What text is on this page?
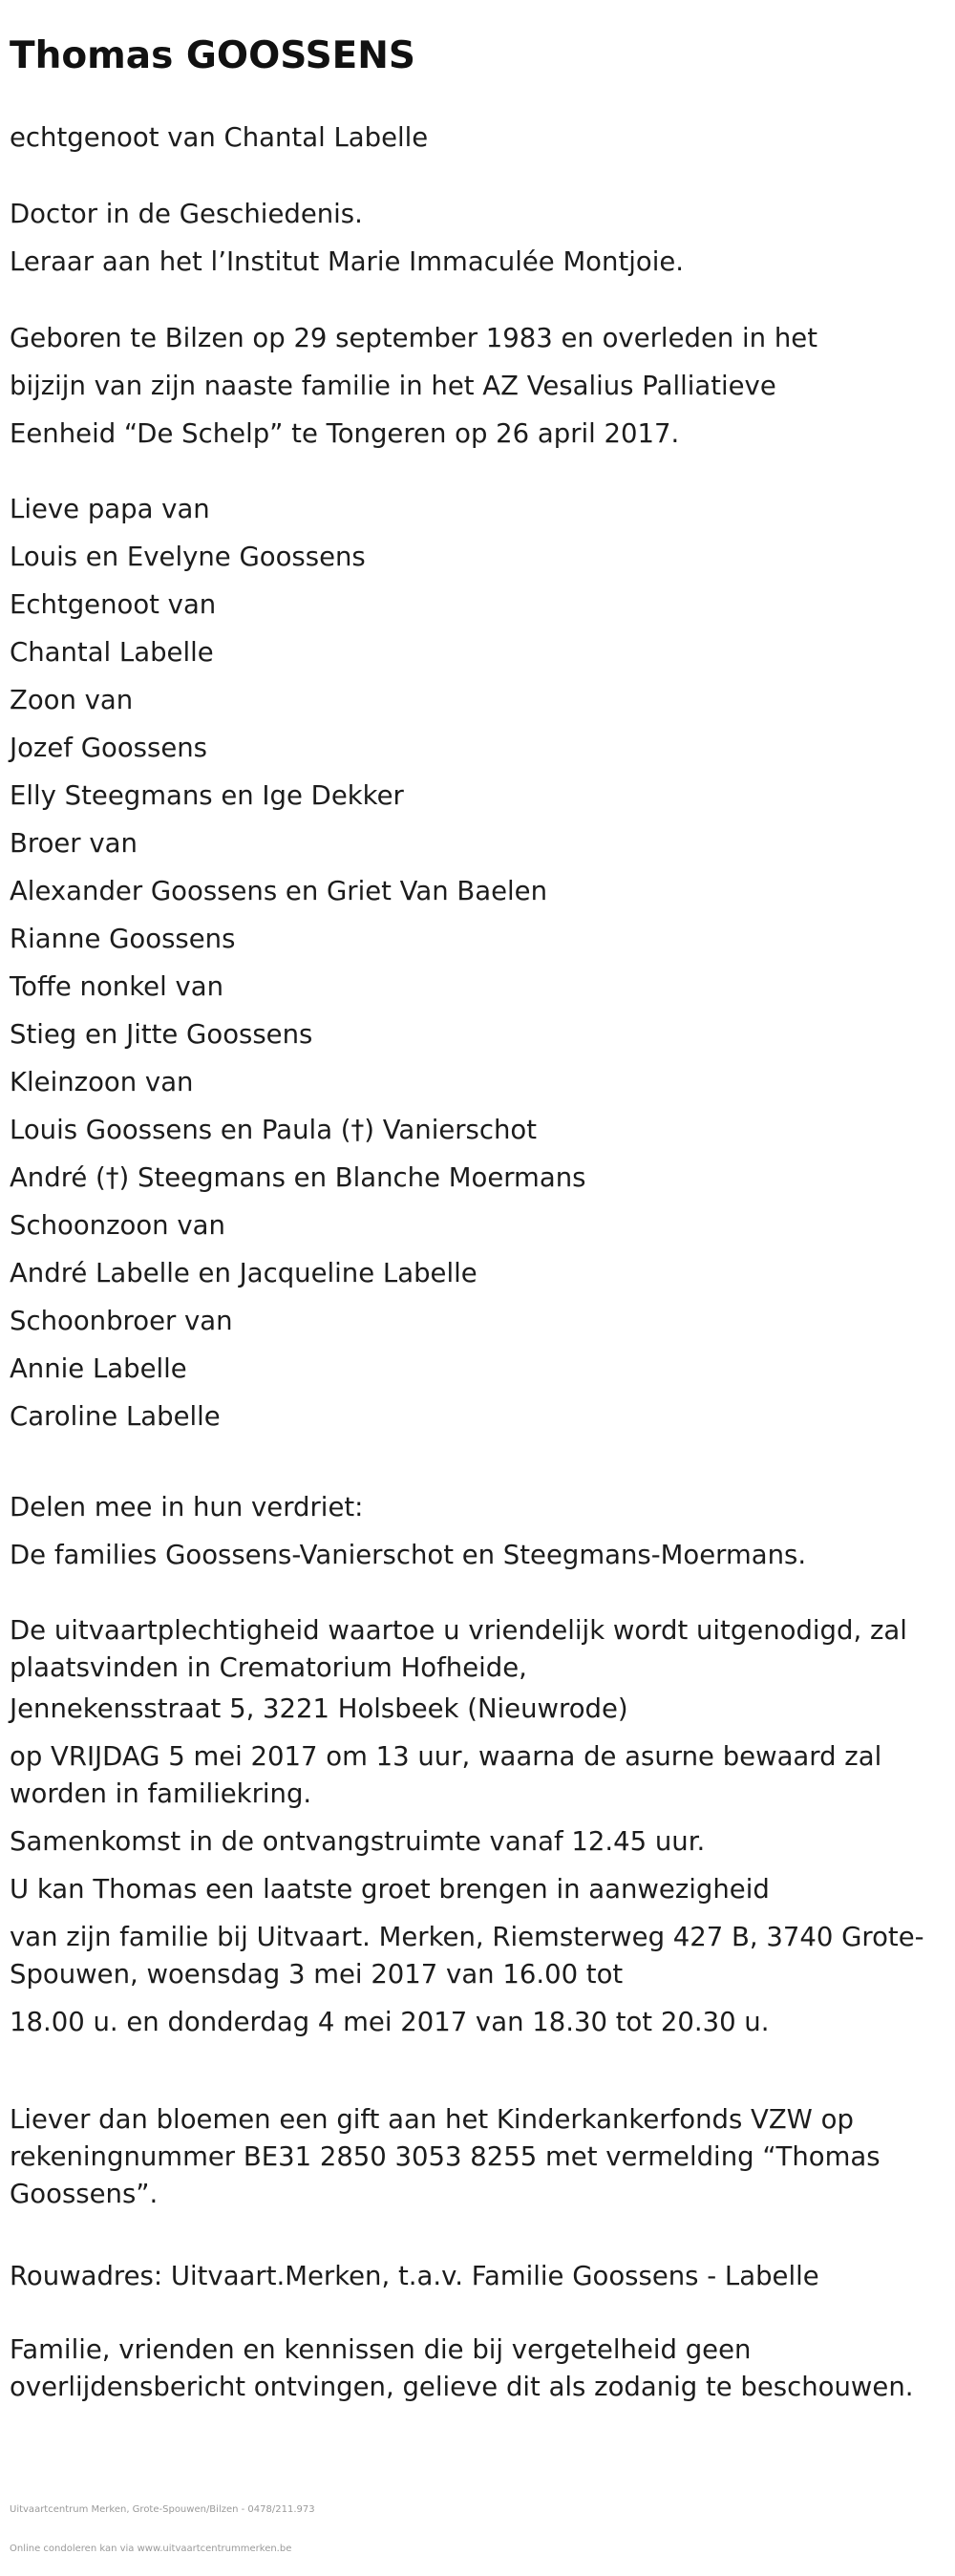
Thomas GOOSSENS
echtgenoot van Chantal Labelle
Doctor in de Geschiedenis.
Leraar aan het l’Institut Marie Immaculée Montjoie.
Geboren te Bilzen op 29 september 1983 en overleden in het
bijzijn van zijn naaste familie in het AZ Vesalius Palliatieve
Eenheid “De Schelp” te Tongeren op 26 april 2017.
Lieve papa van
Louis en Evelyne Goossens
Echtgenoot van
Chantal Labelle
Zoon van
Jozef Goossens
Elly Steegmans en Ige Dekker
Broer van
Alexander Goossens en Griet Van Baelen
Rianne Goossens
Toffe nonkel van
Stieg en Jitte Goossens
Kleinzoon van
Louis Goossens en Paula (†) Vanierschot
André (†) Steegmans en Blanche Moermans
Schoonzoon van
André Labelle en Jacqueline Labelle
Schoonbroer van
Annie Labelle
Caroline Labelle
Delen mee in hun verdriet:
De families Goossens-Vanierschot en Steegmans-Moermans.

De uitvaartplechtigheid waartoe u vriendelijk wordt uitgenodigd, zal plaatsvinden in Crematorium Hofheide,

Jennekensstraat 5, 3221 Holsbeek (Nieuwrode)

op VRIJDAG 5 mei 2017 om 13 uur, waarna de asurne bewaard zal worden in familiekring.

Samenkomst in de ontvangstruimte vanaf 12.45 uur.

U kan Thomas een laatste groet brengen in aanwezigheid

van zijn familie bij Uitvaart. Merken, Riemsterweg 427 B, 3740 Grote-Spouwen, woensdag 3 mei 2017 van 16.00 tot

18.00 u. en donderdag 4 mei 2017 van 18.30 tot 20.30 u.

Liever dan bloemen een gift aan het Kinderkankerfonds VZW op rekeningnummer BE31 2850 3053 8255 met vermelding “Thomas Goossens”.

Rouwadres: Uitvaart.Merken, t.a.v. Familie Goossens - Labelle

Familie, vrienden en kennissen die bij vergetelheid geen overlijdensbericht ontvingen, gelieve dit als zodanig te beschouwen.

Uitvaartcentrum Merken, Grote-Spouwen/Bilzen - 0478/211.973
Online condoleren kan via www.uitvaartcentrummerken.be
